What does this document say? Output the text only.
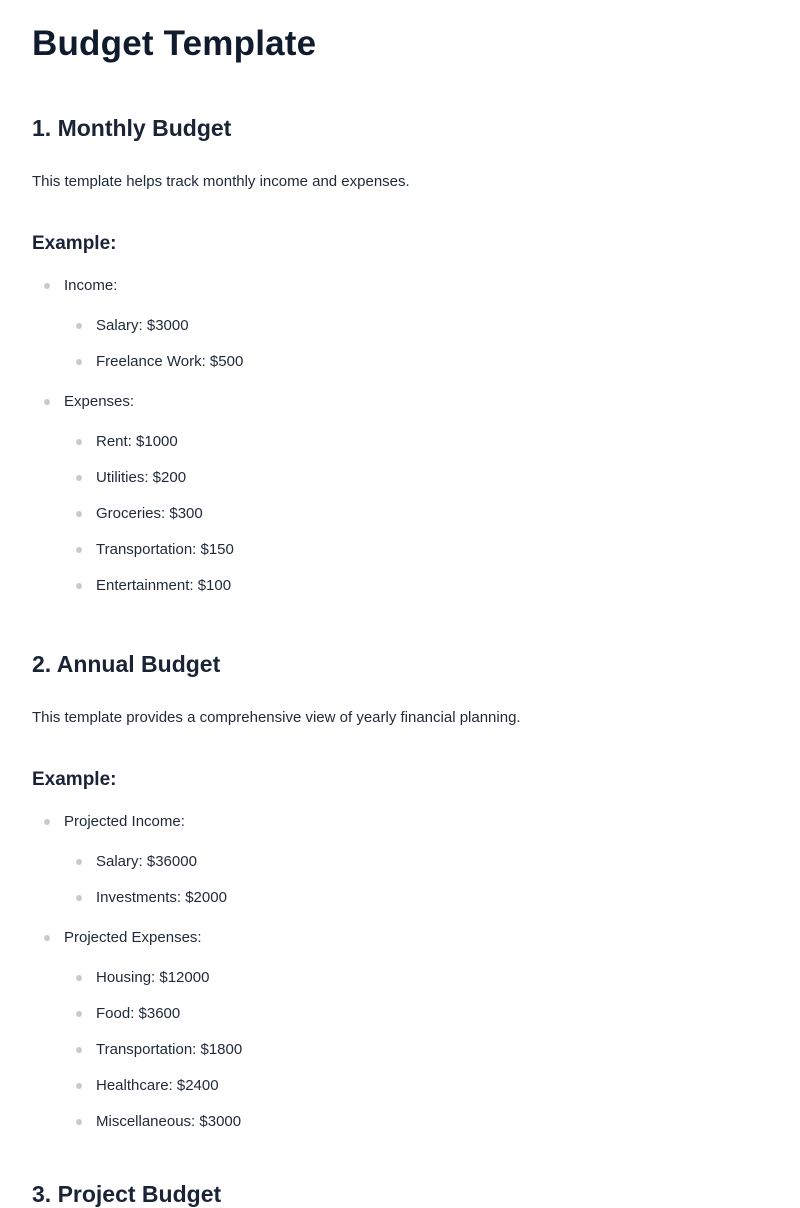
Budget Template
1. Monthly Budget

This template helps track monthly income and expenses.

Example:
Income:
Salary: $3000
Freelance Work: $500
Expenses:
Rent: $1000
Utilities: $200
Groceries: $300
Transportation: $150
Entertainment: $100
2. Annual Budget

This template provides a comprehensive view of yearly financial planning.

Example:
Projected Income:
Salary: $36000
Investments: $2000
Projected Expenses:
Housing: $12000
Food: $3600
Transportation: $1800
Healthcare: $2400
Miscellaneous: $3000
3. Project Budget
